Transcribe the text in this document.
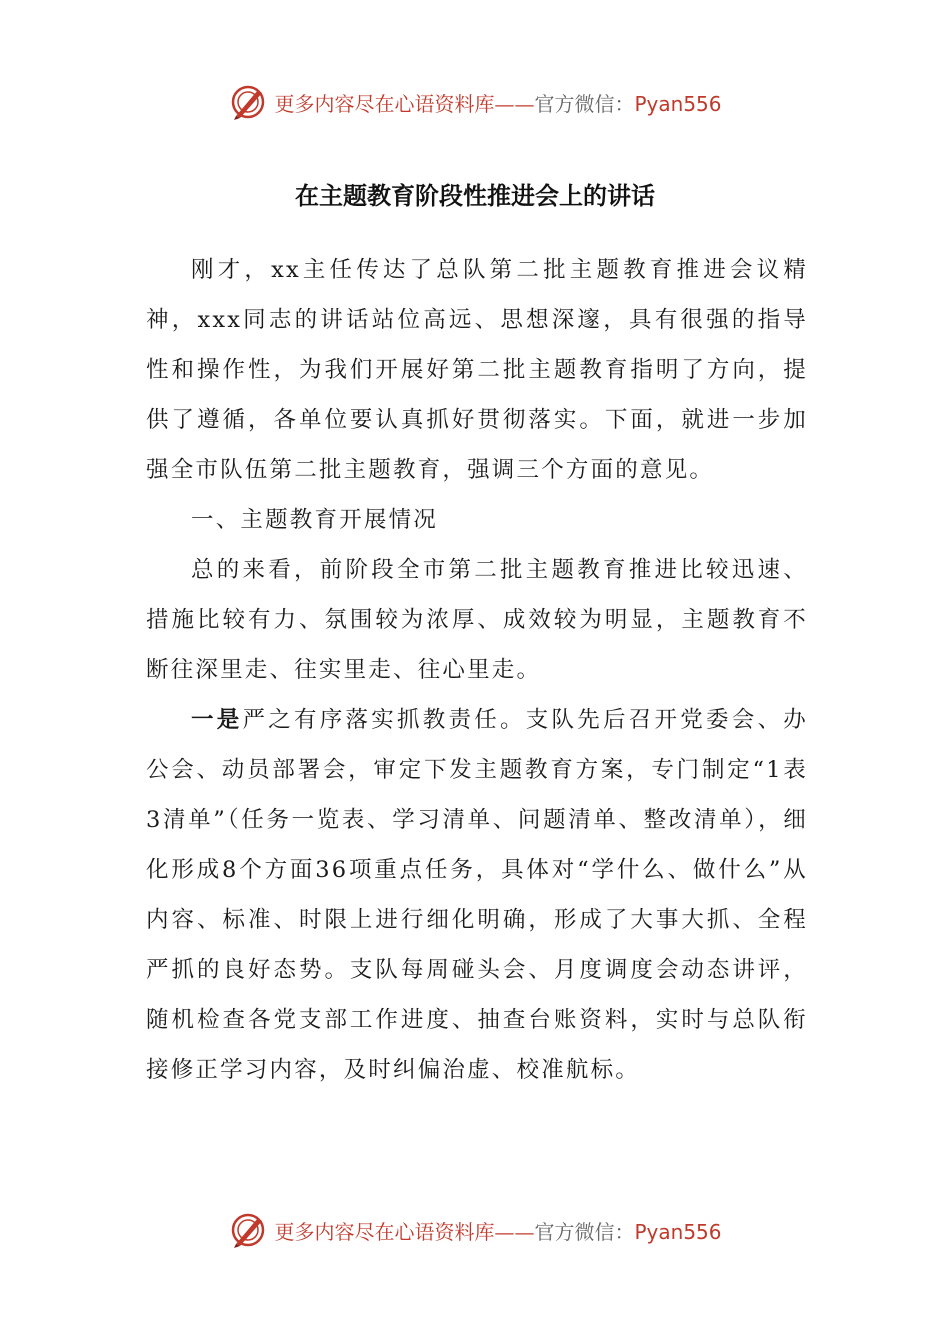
更多内容尽在心语资料库——官方微信：Pyan556
在主题教育阶段性推进会上的讲话

刚才，xx主任传达了总队第二批主题教育推进会议精神，xxx同志的讲话站位高远、思想深邃，具有很强的指导性和操作性，为我们开展好第二批主题教育指明了方向，提供了遵循，各单位要认真抓好贯彻落实。下面，就进一步加强全市队伍第二批主题教育，强调三个方面的意见。

一、主题教育开展情况

总的来看，前阶段全市第二批主题教育推进比较迅速、措施比较有力、氛围较为浓厚、成效较为明显，主题教育不断往深里走、往实里走、往心里走。

一是严之有序落实抓教责任。支队先后召开党委会、办公会、动员部署会，审定下发主题教育方案，专门制定“1表3清单”（任务一览表、学习清单、问题清单、整改清单），细化形成8个方面36项重点任务，具体对“学什么、做什么”从内容、标准、时限上进行细化明确，形成了大事大抓、全程严抓的良好态势。支队每周碰头会、月度调度会动态讲评，随机检查各党支部工作进度、抽查台账资料，实时与总队衔接修正学习内容，及时纠偏治虚、校准航标。

更多内容尽在心语资料库——官方微信：Pyan556
